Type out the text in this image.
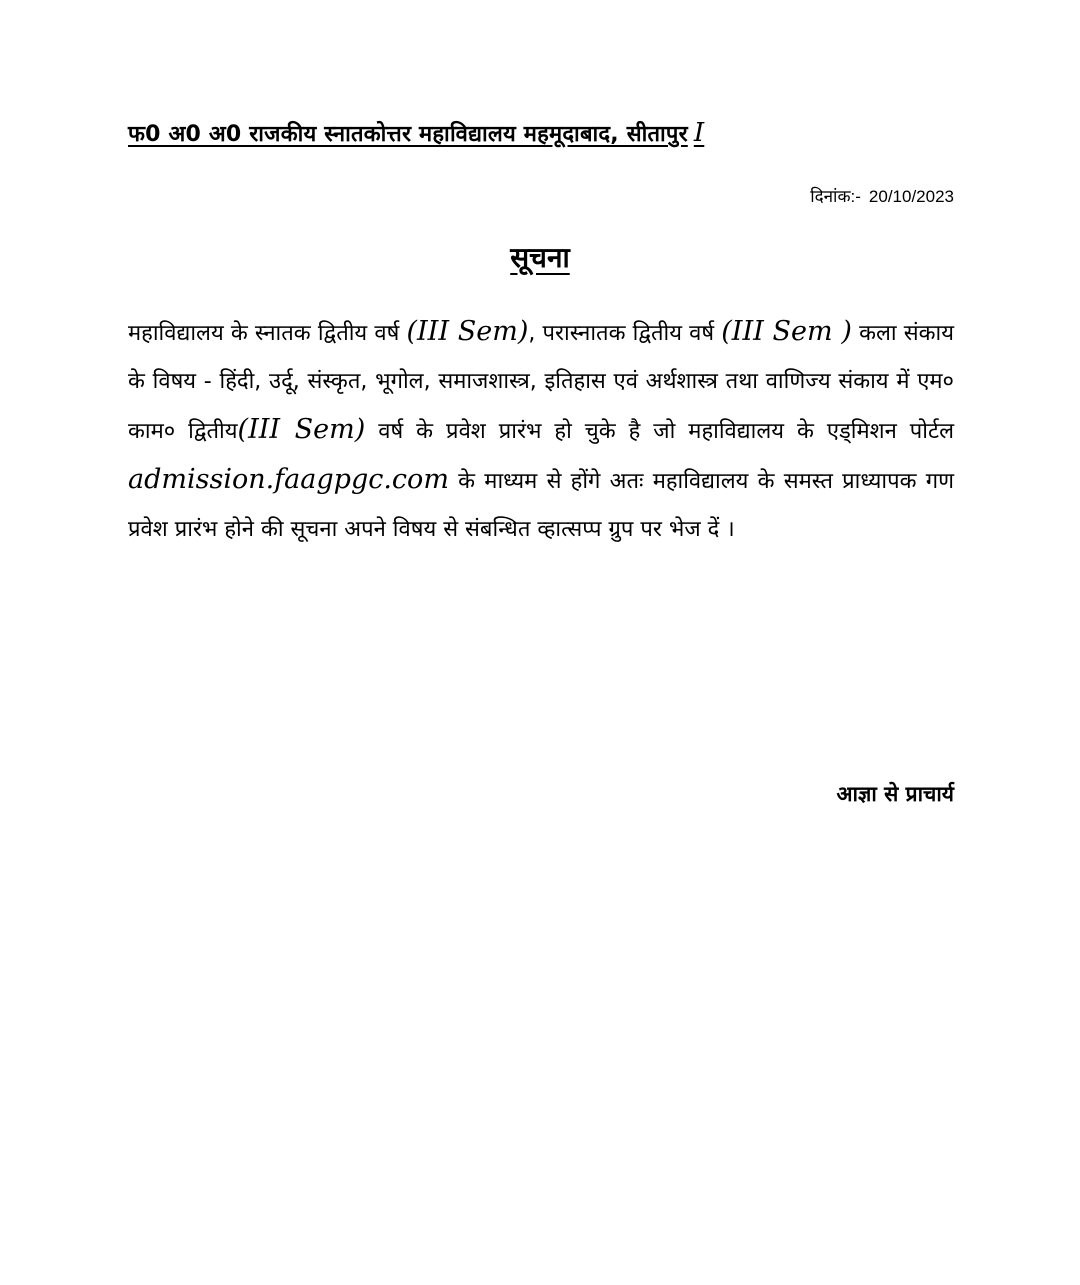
फ0 अ0 अ0 राजकीय स्नातकोत्तर महाविद्यालय महमूदाबाद, सीतापुर I
दिनांक:- 20/10/2023
सूचना
महाविद्यालय के स्नातक द्वितीय वर्ष (III Sem), परास्नातक द्वितीय वर्ष (III Sem ) कला संकाय के विषय - हिंदी, उर्दू, संस्कृत, भूगोल, समाजशास्त्र, इतिहास एवं अर्थशास्त्र तथा वाणिज्य संकाय में एम० काम० द्वितीय(III Sem) वर्ष के प्रवेश प्रारंभ हो चुके है जो महाविद्यालय के एड्मिशन पोर्टल admission.faagpgc.com के माध्यम से होंगे अतः महाविद्यालय के समस्त प्राध्यापक गण प्रवेश प्रारंभ होने की सूचना अपने विषय से संबन्धित व्हात्सप्प ग्रुप पर भेज दें ।
आज्ञा से प्राचार्य
